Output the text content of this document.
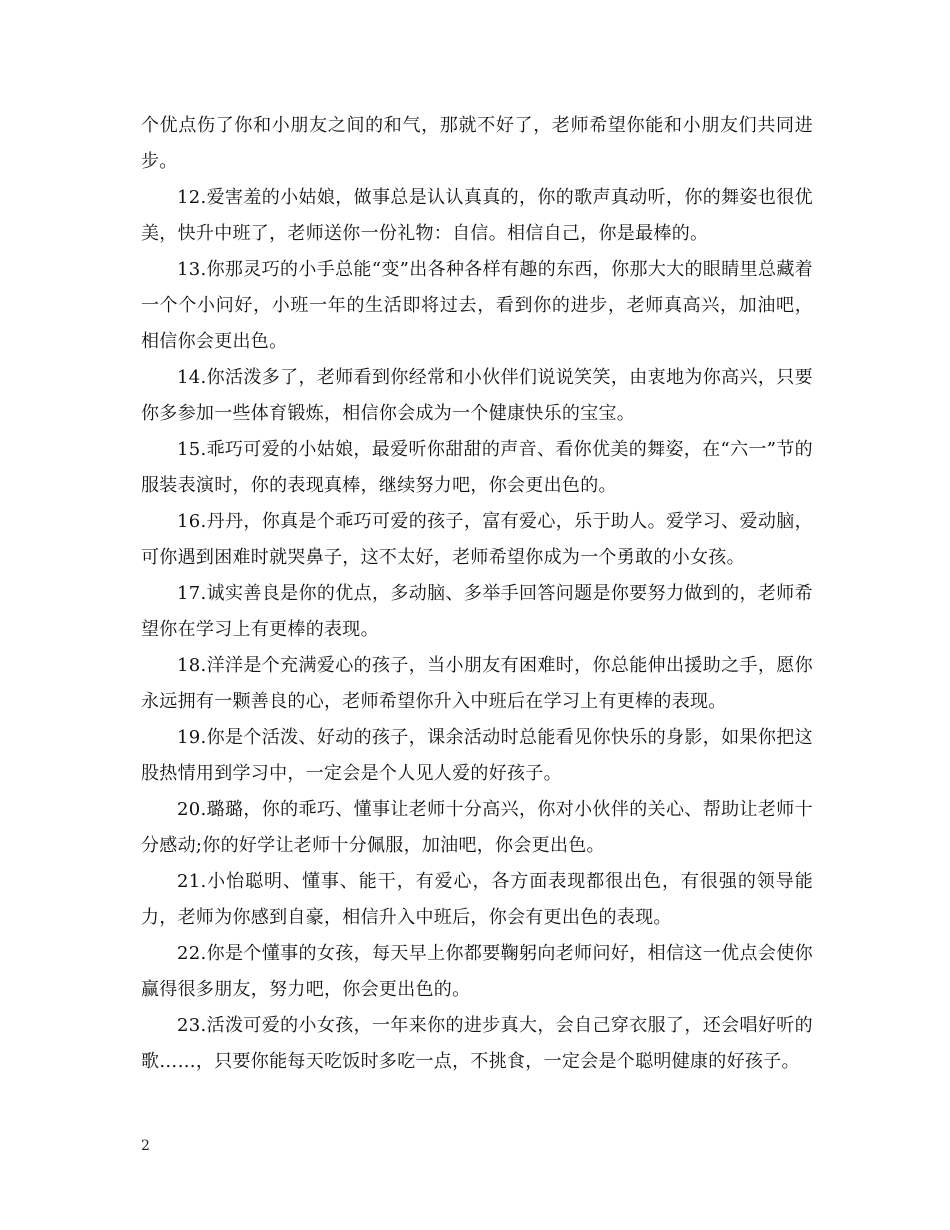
个优点伤了你和小朋友之间的和气，那就不好了，老师希望你能和小朋友们共同进步。

12.爱害羞的小姑娘，做事总是认认真真的，你的歌声真动听，你的舞姿也很优美，快升中班了，老师送你一份礼物：自信。相信自己，你是最棒的。

13.你那灵巧的小手总能“变”出各种各样有趣的东西，你那大大的眼睛里总藏着一个个小问好，小班一年的生活即将过去，看到你的进步，老师真高兴，加油吧，相信你会更出色。

14.你活泼多了，老师看到你经常和小伙伴们说说笑笑，由衷地为你高兴，只要你多参加一些体育锻炼，相信你会成为一个健康快乐的宝宝。

15.乖巧可爱的小姑娘，最爱听你甜甜的声音、看你优美的舞姿，在“六一”节的服装表演时，你的表现真棒，继续努力吧，你会更出色的。

16.丹丹，你真是个乖巧可爱的孩子，富有爱心，乐于助人。爱学习、爱动脑，可你遇到困难时就哭鼻子，这不太好，老师希望你成为一个勇敢的小女孩。

17.诚实善良是你的优点，多动脑、多举手回答问题是你要努力做到的，老师希望你在学习上有更棒的表现。

18.洋洋是个充满爱心的孩子，当小朋友有困难时，你总能伸出援助之手，愿你永远拥有一颗善良的心，老师希望你升入中班后在学习上有更棒的表现。

19.你是个活泼、好动的孩子，课余活动时总能看见你快乐的身影，如果你把这股热情用到学习中，一定会是个人见人爱的好孩子。

20.璐璐，你的乖巧、懂事让老师十分高兴，你对小伙伴的关心、帮助让老师十分感动;你的好学让老师十分佩服，加油吧，你会更出色。

21.小怡聪明、懂事、能干，有爱心，各方面表现都很出色，有很强的领导能力，老师为你感到自豪，相信升入中班后，你会有更出色的表现。

22.你是个懂事的女孩，每天早上你都要鞠躬向老师问好，相信这一优点会使你赢得很多朋友，努力吧，你会更出色的。

23.活泼可爱的小女孩，一年来你的进步真大，会自己穿衣服了，还会唱好听的歌……，只要你能每天吃饭时多吃一点，不挑食，一定会是个聪明健康的好孩子。

2
